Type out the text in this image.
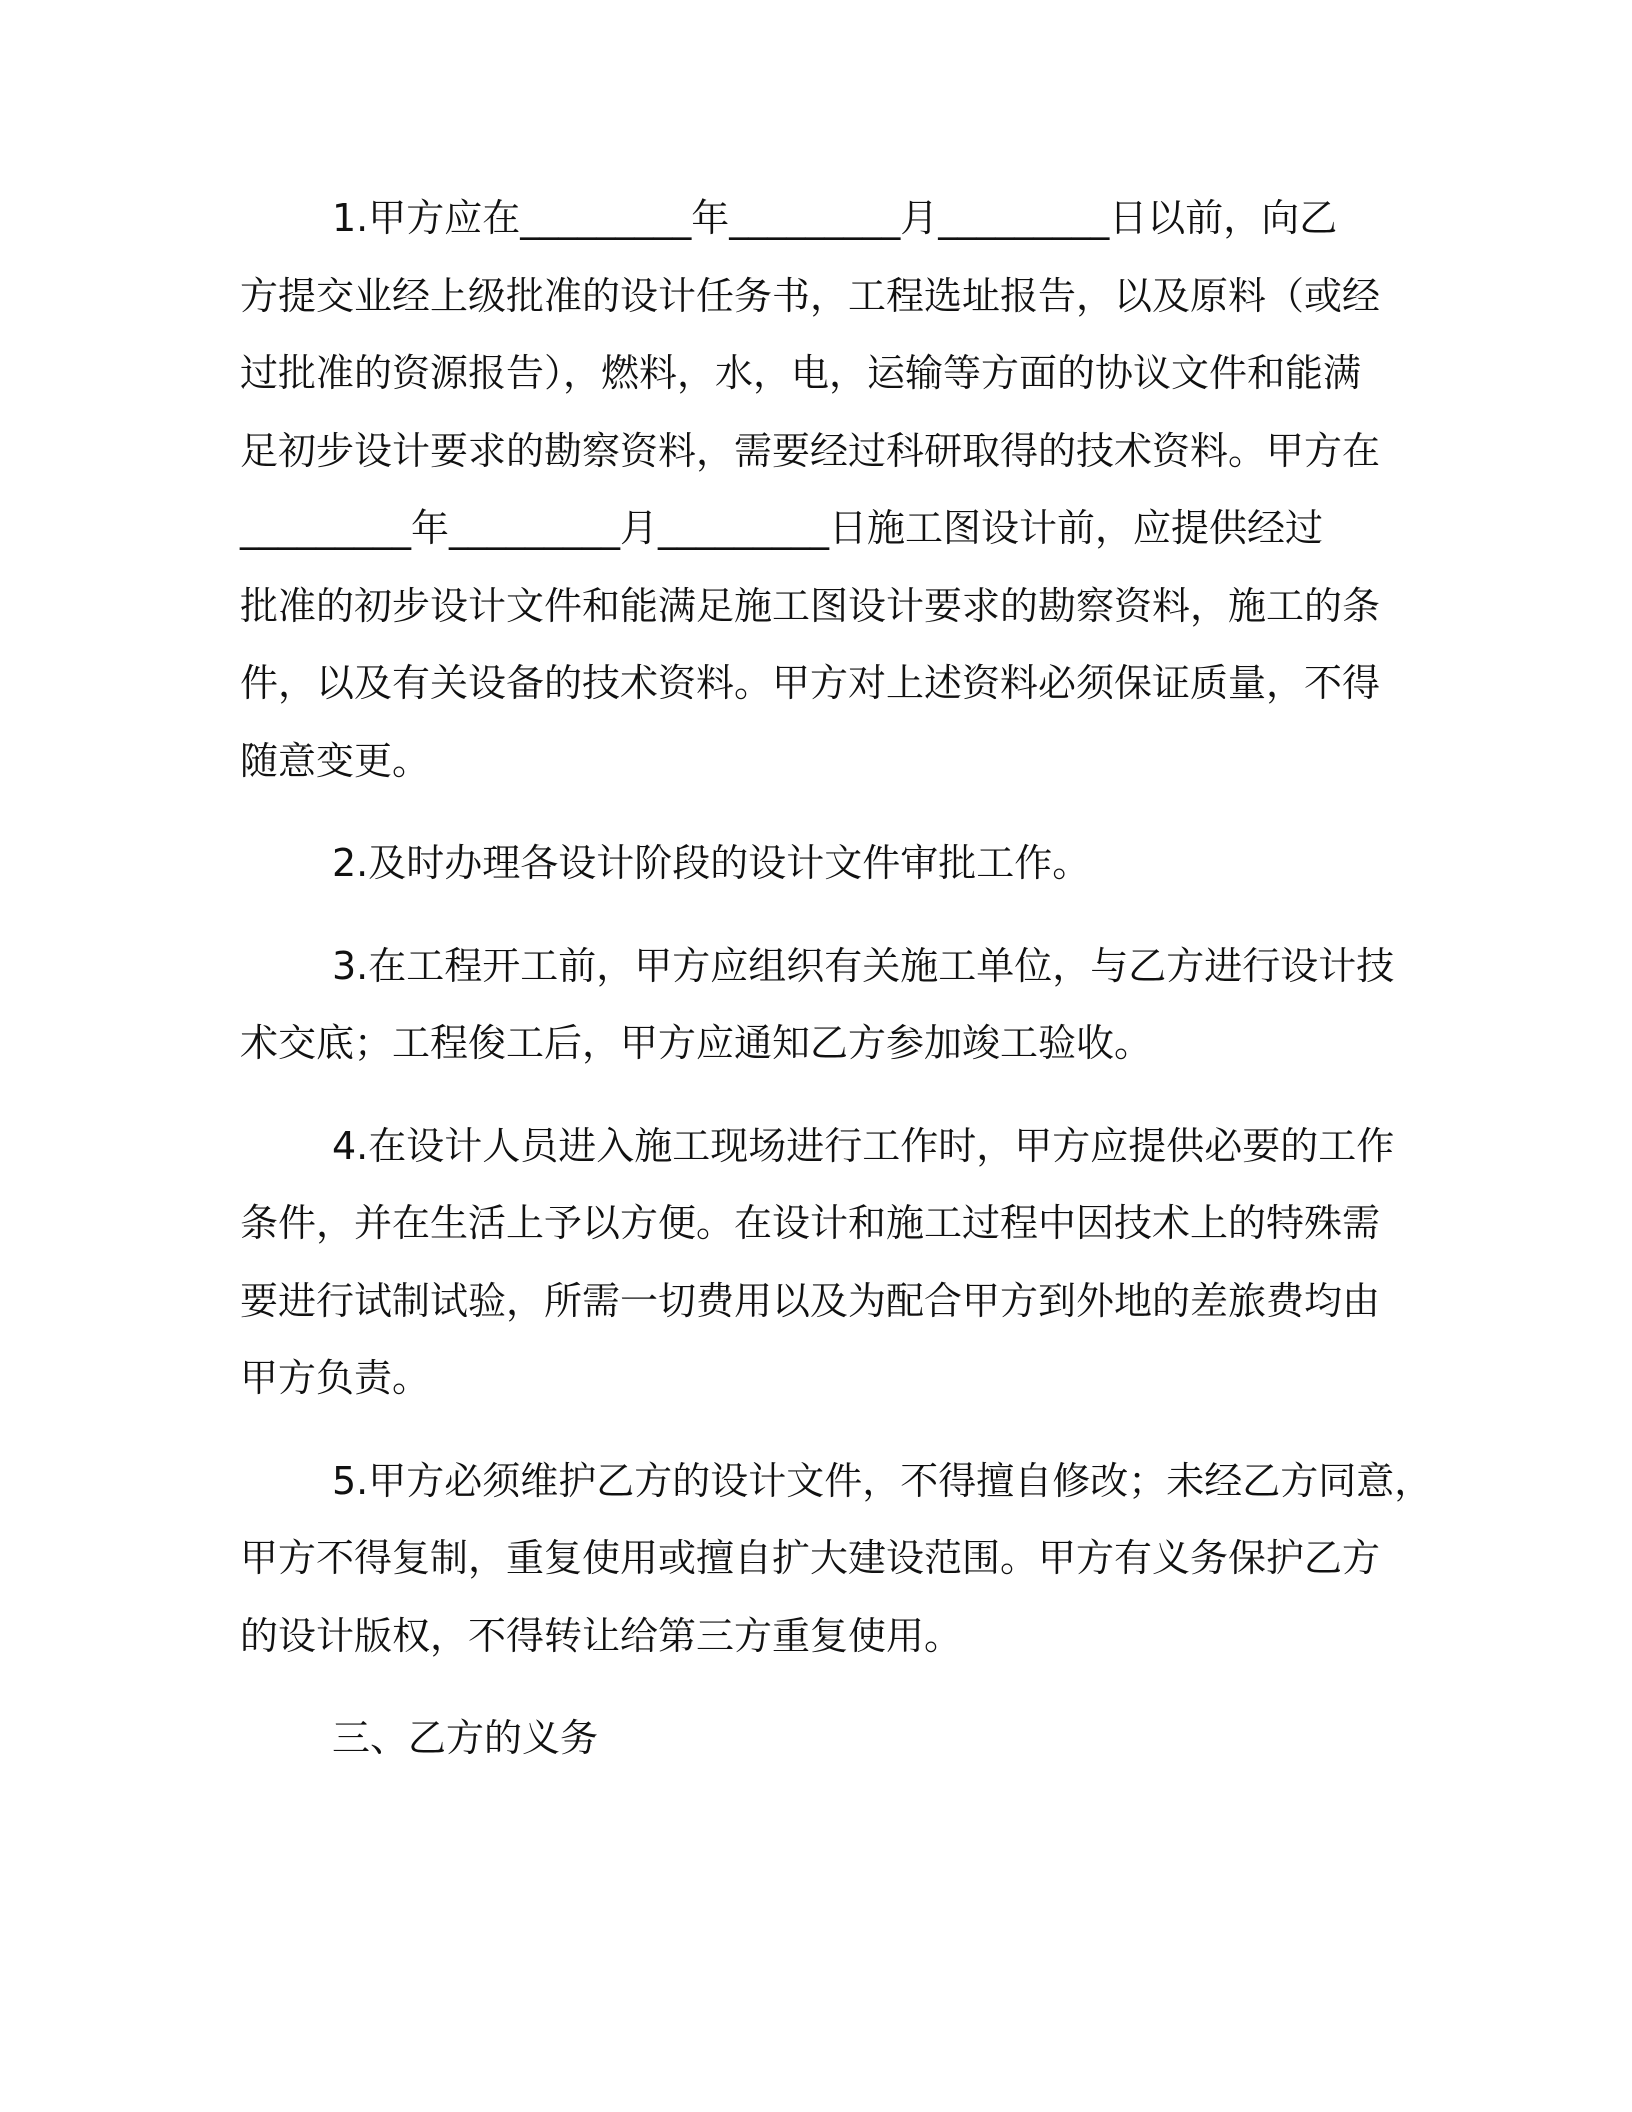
1.甲方应在_________年_________月_________日以前，向乙
方提交业经上级批准的设计任务书，工程选址报告，以及原料（或经
过批准的资源报告），燃料，水，电，运输等方面的协议文件和能满
足初步设计要求的勘察资料，需要经过科研取得的技术资料。甲方在
_________年_________月_________日施工图设计前，应提供经过
批准的初步设计文件和能满足施工图设计要求的勘察资料，施工的条
件，以及有关设备的技术资料。甲方对上述资料必须保证质量，不得
随意变更。

2.及时办理各设计阶段的设计文件审批工作。

3.在工程开工前，甲方应组织有关施工单位，与乙方进行设计技
术交底；工程俊工后，甲方应通知乙方参加竣工验收。

4.在设计人员进入施工现场进行工作时，甲方应提供必要的工作
条件，并在生活上予以方便。在设计和施工过程中因技术上的特殊需
要进行试制试验，所需一切费用以及为配合甲方到外地的差旅费均由
甲方负责。

5.甲方必须维护乙方的设计文件，不得擅自修改；未经乙方同意，
甲方不得复制，重复使用或擅自扩大建设范围。甲方有义务保护乙方
的设计版权，不得转让给第三方重复使用。

三、乙方的义务
